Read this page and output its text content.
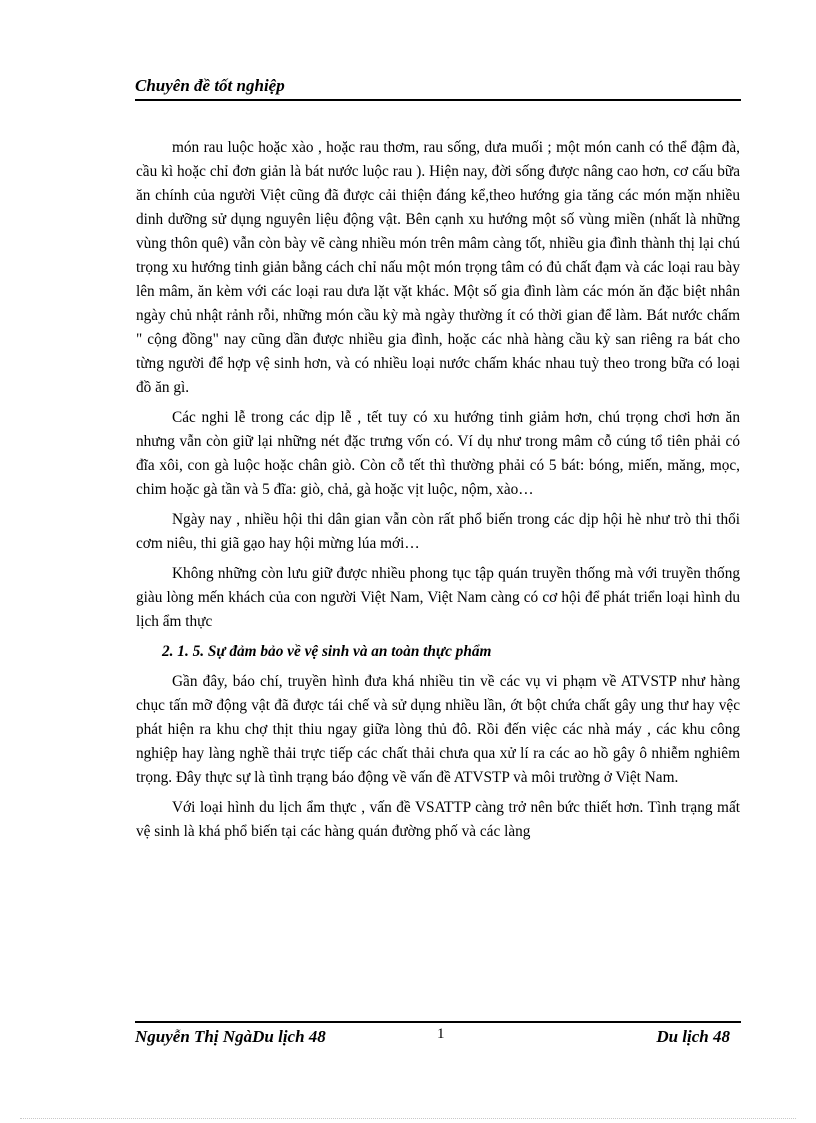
Chuyên đề tốt nghiệp

món rau luộc hoặc xào , hoặc rau thơm, rau sống, dưa muối ; một món canh có thể đậm đà, cầu kì hoặc chỉ đơn giản là bát nước luộc rau ). Hiện nay, đời sống được nâng cao hơn, cơ cấu bữa ăn chính của người Việt cũng đã được cải thiện đáng kể,theo hướng gia tăng các món mặn nhiều dinh dưỡng sử dụng nguyên liệu động vật. Bên cạnh xu hướng một số vùng miền (nhất là những vùng thôn quê) vẫn còn bày vẽ càng nhiều món trên mâm càng tốt, nhiều gia đình thành thị lại chú trọng xu hướng tinh giản bằng cách chỉ nấu một món trọng tâm có đủ chất đạm và các loại rau bày lên mâm, ăn kèm với các loại rau dưa lặt vặt khác. Một số gia đình làm các món ăn đặc biệt nhân ngày chủ nhật rảnh rỗi, những món cầu kỳ mà ngày thường ít có thời gian để làm. Bát nước chấm " cộng đồng" nay cũng dần được nhiều gia đình, hoặc các nhà hàng cầu kỳ san riêng ra bát cho từng người để hợp vệ sinh hơn, và có nhiều loại nước chấm khác nhau tuỳ theo trong bữa có loại đồ ăn gì.

Các nghi lễ trong các dịp lễ , tết tuy có xu hướng tinh giảm hơn, chú trọng chơi hơn ăn nhưng vẫn còn giữ lại những nét đặc trưng vốn có. Ví dụ như trong mâm cỗ cúng tổ tiên phải có đĩa xôi, con gà luộc hoặc chân giò. Còn cỗ tết thì thường phải có 5 bát: bóng, miến, măng, mọc, chim hoặc gà tần và 5 đĩa: giò, chả, gà hoặc vịt luộc, nộm, xào…

Ngày nay , nhiều hội thi dân gian vẫn còn rất phổ biến trong các dịp hội hè như trò thi thổi cơm niêu, thi giã gạo hay hội mừng lúa mới…

Không những còn lưu giữ được nhiều phong tục tập quán truyền thống mà với truyền thống giàu lòng mến khách của con người Việt Nam, Việt Nam càng có cơ hội để phát triển loại hình du lịch ẩm thực

2. 1. 5. Sự đảm bảo về vệ sinh và an toàn thực phẩm

Gần đây, báo chí, truyền hình đưa khá nhiều tin về các vụ vi phạm về ATVSTP như hàng chục tấn mỡ động vật đã được tái chế và sử dụng nhiều lần, ớt bột chứa chất gây ung thư hay vệc phát hiện ra khu chợ thịt thiu ngay giữa lòng thủ đô. Rồi đến việc các nhà máy , các khu công nghiệp hay làng nghề thải trực tiếp các chất thải chưa qua xử lí ra các ao hồ gây ô nhiễm nghiêm trọng. Đây thực sự là tình trạng báo động về vấn đề ATVSTP và môi trường ở Việt Nam.

Với loại hình du lịch ẩm thực , vấn đề VSATTP càng trở nên bức thiết hơn. Tình trạng mất vệ sinh là khá phổ biến tại các hàng quán đường phố và các làng

Nguyễn Thị NgàDu lịch 48	1	Du lịch 48
